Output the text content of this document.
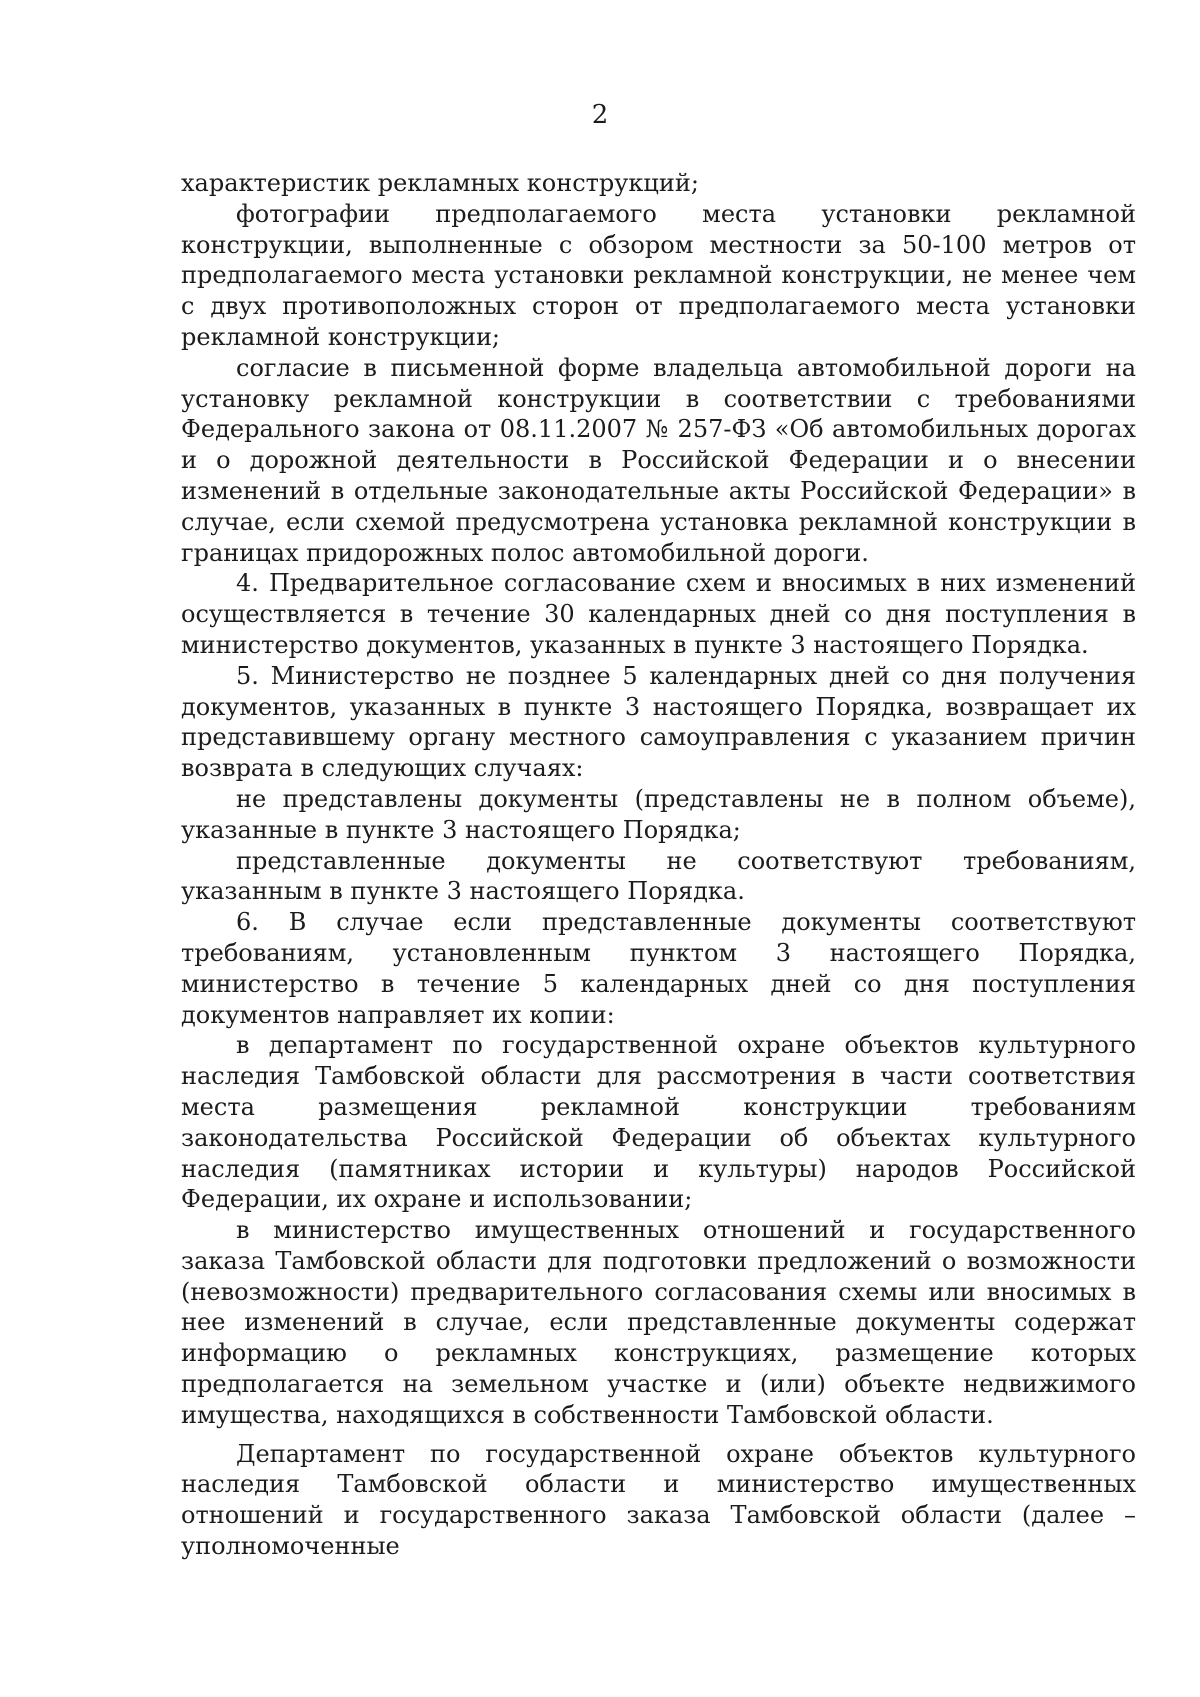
2

характеристик рекламных конструкций;

фотографии предполагаемого места установки рекламной конструкции, выполненные с обзором местности за 50-100 метров от предполагаемого места установки рекламной конструкции, не менее чем с двух противоположных сторон от предполагаемого места установки рекламной конструкции;

согласие в письменной форме владельца автомобильной дороги на установку рекламной конструкции в соответствии с требованиями Федерального закона от 08.11.2007 № 257-ФЗ «Об автомобильных дорогах и о дорожной деятельности в Российской Федерации и о внесении изменений в отдельные законодательные акты Российской Федерации» в случае, если схемой предусмотрена установка рекламной конструкции в границах придорожных полос автомобильной дороги.

4. Предварительное согласование схем и вносимых в них изменений осуществляется в течение 30 календарных дней со дня поступления в министерство документов, указанных в пункте 3 настоящего Порядка.

5. Министерство не позднее 5 календарных дней со дня получения документов, указанных в пункте 3 настоящего Порядка, возвращает их представившему органу местного самоуправления с указанием причин возврата в следующих случаях:

не представлены документы (представлены не в полном объеме), указанные в пункте 3 настоящего Порядка;

представленные документы не соответствуют требованиям, указанным в пункте 3 настоящего Порядка.

6. В случае если представленные документы соответствуют требованиям, установленным пунктом 3 настоящего Порядка, министерство в течение 5 календарных дней со дня поступления документов направляет их копии:

в департамент по государственной охране объектов культурного наследия Тамбовской области для рассмотрения в части соответствия места размещения рекламной конструкции требованиям законодательства Российской Федерации об объектах культурного наследия (памятниках истории и культуры) народов Российской Федерации, их охране и использовании;

в министерство имущественных отношений и государственного заказа Тамбовской области для подготовки предложений о возможности (невозможности) предварительного согласования схемы или вносимых в нее изменений в случае, если представленные документы содержат информацию о рекламных конструкциях, размещение которых предполагается на земельном участке и (или) объекте недвижимого имущества, находящихся в собственности Тамбовской области.

Департамент по государственной охране объектов культурного наследия Тамбовской области и министерство имущественных отношений и государственного заказа Тамбовской области (далее – уполномоченные
